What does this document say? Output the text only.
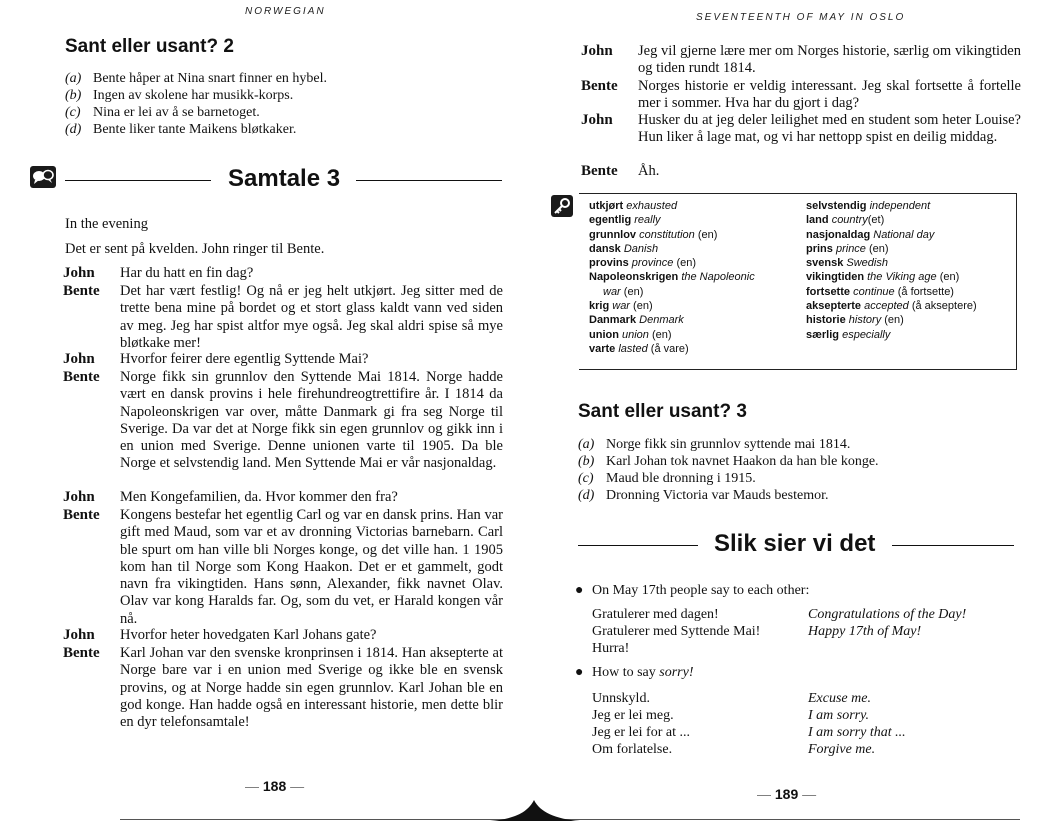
NORWEGIAN
Sant eller usant? 2
(a) Bente håper at Nina snart finner en hybel.
(b) Ingen av skolene har musikk-korps.
(c) Nina er lei av å se barnetoget.
(d) Bente liker tante Maikens bløtkaker.
Samtale 3
In the evening
Det er sent på kvelden. John ringer til Bente.
John Har du hatt en fin dag?
Bente Det har vært festlig! Og nå er jeg helt utkjørt. Jeg sitter med de trette bena mine på bordet og et stort glass kaldt vann ved siden av meg. Jeg har spist altfor mye også. Jeg skal aldri spise så mye bløtkake mer!
John Hvorfor feirer dere egentlig Syttende Mai?
Bente Norge fikk sin grunnlov den Syttende Mai 1814. Norge hadde vært en dansk provins i hele firehundreogtrettifire år. I 1814 da Napoleonskrigen var over, måtte Danmark gi fra seg Norge til Sverige. Da var det at Norge fikk sin egen grunnlov og gikk inn i en union med Sverige. Denne unionen varte til 1905. Da ble Norge et selvstendig land. Men Syttende Mai er vår nasjonaldag.
John Men Kongefamilien, da. Hvor kommer den fra?
Bente Kongens bestefar het egentlig Carl og var en dansk prins. Han var gift med Maud, som var et av dronning Victorias barnebarn. Carl ble spurt om han ville bli Norges konge, og det ville han. 1 1905 kom han til Norge som Kong Haakon. Det er et gammelt, godt navn fra vikingtiden. Hans sønn, Alexander, fikk navnet Olav. Olav var kong Haralds far. Og, som du vet, er Harald kongen vår nå.
John Hvorfor heter hovedgaten Karl Johans gate?
Bente Karl Johan var den svenske kronprinsen i 1814. Han aksepterte at Norge bare var i en union med Sverige og ikke ble en svensk provins, og at Norge hadde sin egen grunnlov. Karl Johan ble en god konge. Han hadde også en interessant historie, men dette blir en dyr telefonsamtale!
— 188 —
SEVENTEENTH OF MAY IN OSLO
John Jeg vil gjerne lære mer om Norges historie, særlig om vikingtiden og tiden rundt 1814.
Bente Norges historie er veldig interessant. Jeg skal fortsette å fortelle mer i sommer. Hva har du gjort i dag?
John Husker du at jeg deler leilighet med en student som heter Louise? Hun liker å lage mat, og vi har nettopp spist en deilig middag.
Bente Åh.
utkjørt exhausted
egentlig really
grunnlov constitution (en)
dansk Danish
provins province (en)
Napoleonskrigen the Napoleonic
war (en)
krig war (en)
Danmark Denmark
union union (en)
varte lasted (å vare)
selvstendig independent
land country(et)
nasjonaldag National day
prins prince (en)
svensk Swedish
vikingtiden the Viking age (en)
fortsette continue (å fortsette)
aksepterte accepted (å akseptere)
historie history (en)
særlig especially
Sant eller usant? 3
(a) Norge fikk sin grunnlov syttende mai 1814.
(b) Karl Johan tok navnet Haakon da han ble konge.
(c) Maud ble dronning i 1915.
(d) Dronning Victoria var Mauds bestemor.
Slik sier vi det
● On May 17th people say to each other:
Gratulerer med dagen!	Congratulations of the Day!
Gratulerer med Syttende Mai!	Happy 17th of May!
Hurra!
● How to say sorry!
Unnskyld.	Excuse me.
Jeg er lei meg.	I am sorry.
Jeg er lei for at ...	I am sorry that ...
Om forlatelse.	Forgive me.
— 189 —
